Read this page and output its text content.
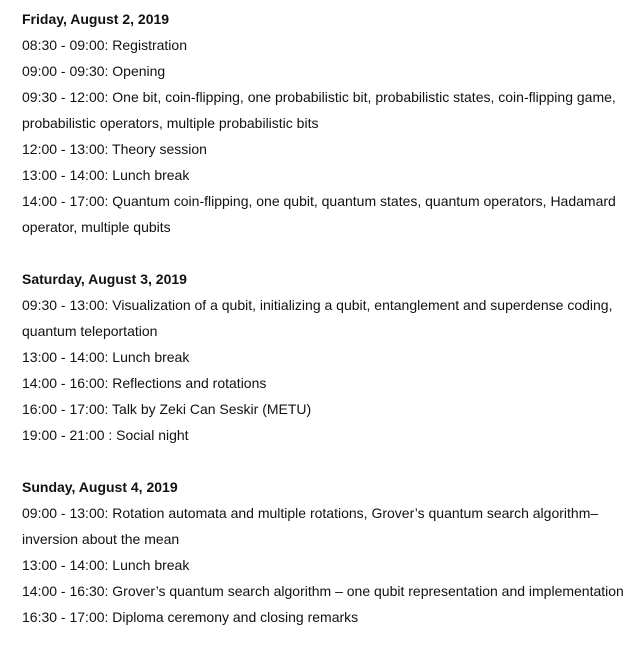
Friday, August 2, 2019

08:30 - 09:00: Registration

09:00 - 09:30: Opening

09:30 - 12:00: One bit, coin-flipping, one probabilistic bit, probabilistic states, coin-flipping game, probabilistic operators, multiple probabilistic bits

12:00 - 13:00: Theory session

13:00 - 14:00: Lunch break

14:00 - 17:00: Quantum coin-flipping, one qubit, quantum states, quantum operators, Hadamard operator, multiple qubits

Saturday, August 3, 2019

09:30 - 13:00: Visualization of a qubit, initializing a qubit, entanglement and superdense coding, quantum teleportation

13:00 - 14:00: Lunch break

14:00 - 16:00: Reflections and rotations

16:00 - 17:00: Talk by Zeki Can Seskir (METU)

19:00 - 21:00 : Social night

Sunday, August 4, 2019

09:00 - 13:00: Rotation automata and multiple rotations, Grover’s quantum search algorithm– inversion about the mean

13:00 - 14:00: Lunch break

14:00 - 16:30: Grover’s quantum search algorithm – one qubit representation and implementation

16:30 - 17:00: Diploma ceremony and closing remarks
